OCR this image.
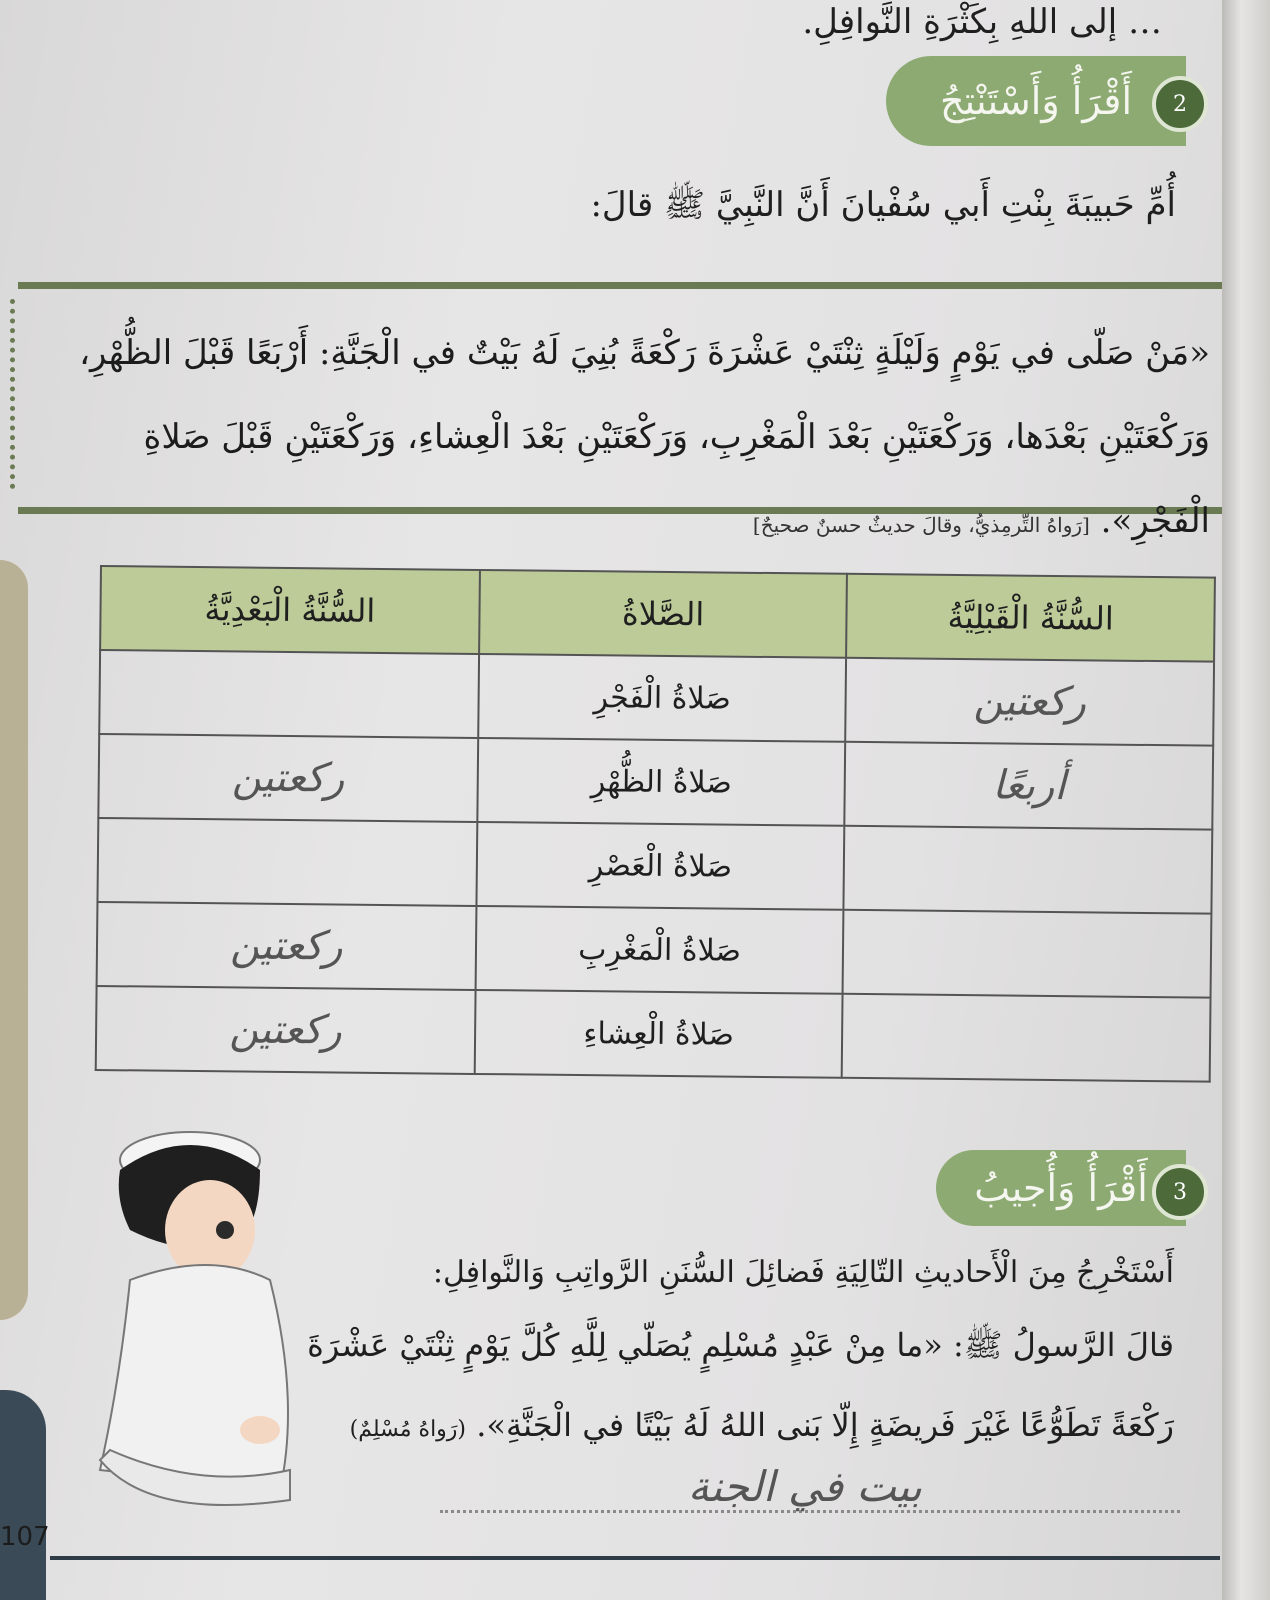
… إلى اللهِ بِكَثْرَةِ النَّوافِلِ.
أَقْرَأُ وَأَسْتَنْتِجُ	2
أُمِّ حَبيبَةَ بِنْتِ أَبي سُفْيانَ أَنَّ النَّبِيَّ ﷺ قالَ:
«مَنْ صَلّى في يَوْمٍ وَلَيْلَةٍ ثِنْتَيْ عَشْرَةَ رَكْعَةً بُنِيَ لَهُ بَيْتٌ في الْجَنَّةِ: أَرْبَعًا قَبْلَ الظُّهْرِ، وَرَكْعَتَيْنِ بَعْدَها، وَرَكْعَتَيْنِ بَعْدَ الْمَغْرِبِ، وَرَكْعَتَيْنِ بَعْدَ الْعِشاءِ، وَرَكْعَتَيْنِ قَبْلَ صَلاةِ الْفَجْرِ». [رَواهُ التِّرمِذيُّ، وقالَ حديثٌ حسنٌ صحيحٌ]
السُّنَّةُ الْقَبْلِيَّةُ	الصَّلاةُ	السُّنَّةُ الْبَعْدِيَّةُ
ركعتين	صَلاةُ الْفَجْرِ	
أربعًا	صَلاةُ الظُّهْرِ	ركعتين
	صَلاةُ الْعَصْرِ	
	صَلاةُ الْمَغْرِبِ	ركعتين
	صَلاةُ الْعِشاءِ	ركعتين
أَقْرَأُ وَأُجيبُ	3
أَسْتَخْرِجُ مِنَ الْأَحاديثِ التّالِيَةِ فَضائِلَ السُّنَنِ الرَّواتِبِ وَالنَّوافِلِ:
قالَ الرَّسولُ ﷺ: «ما مِنْ عَبْدٍ مُسْلِمٍ يُصَلّي لِلَّهِ كُلَّ يَوْمٍ ثِنْتَيْ عَشْرَةَ رَكْعَةً تَطَوُّعًا غَيْرَ فَريضَةٍ إِلّا بَنى اللهُ لَهُ بَيْتًا في الْجَنَّةِ». (رَواهُ مُسْلِمٌ)
بيت في الجنة
107
